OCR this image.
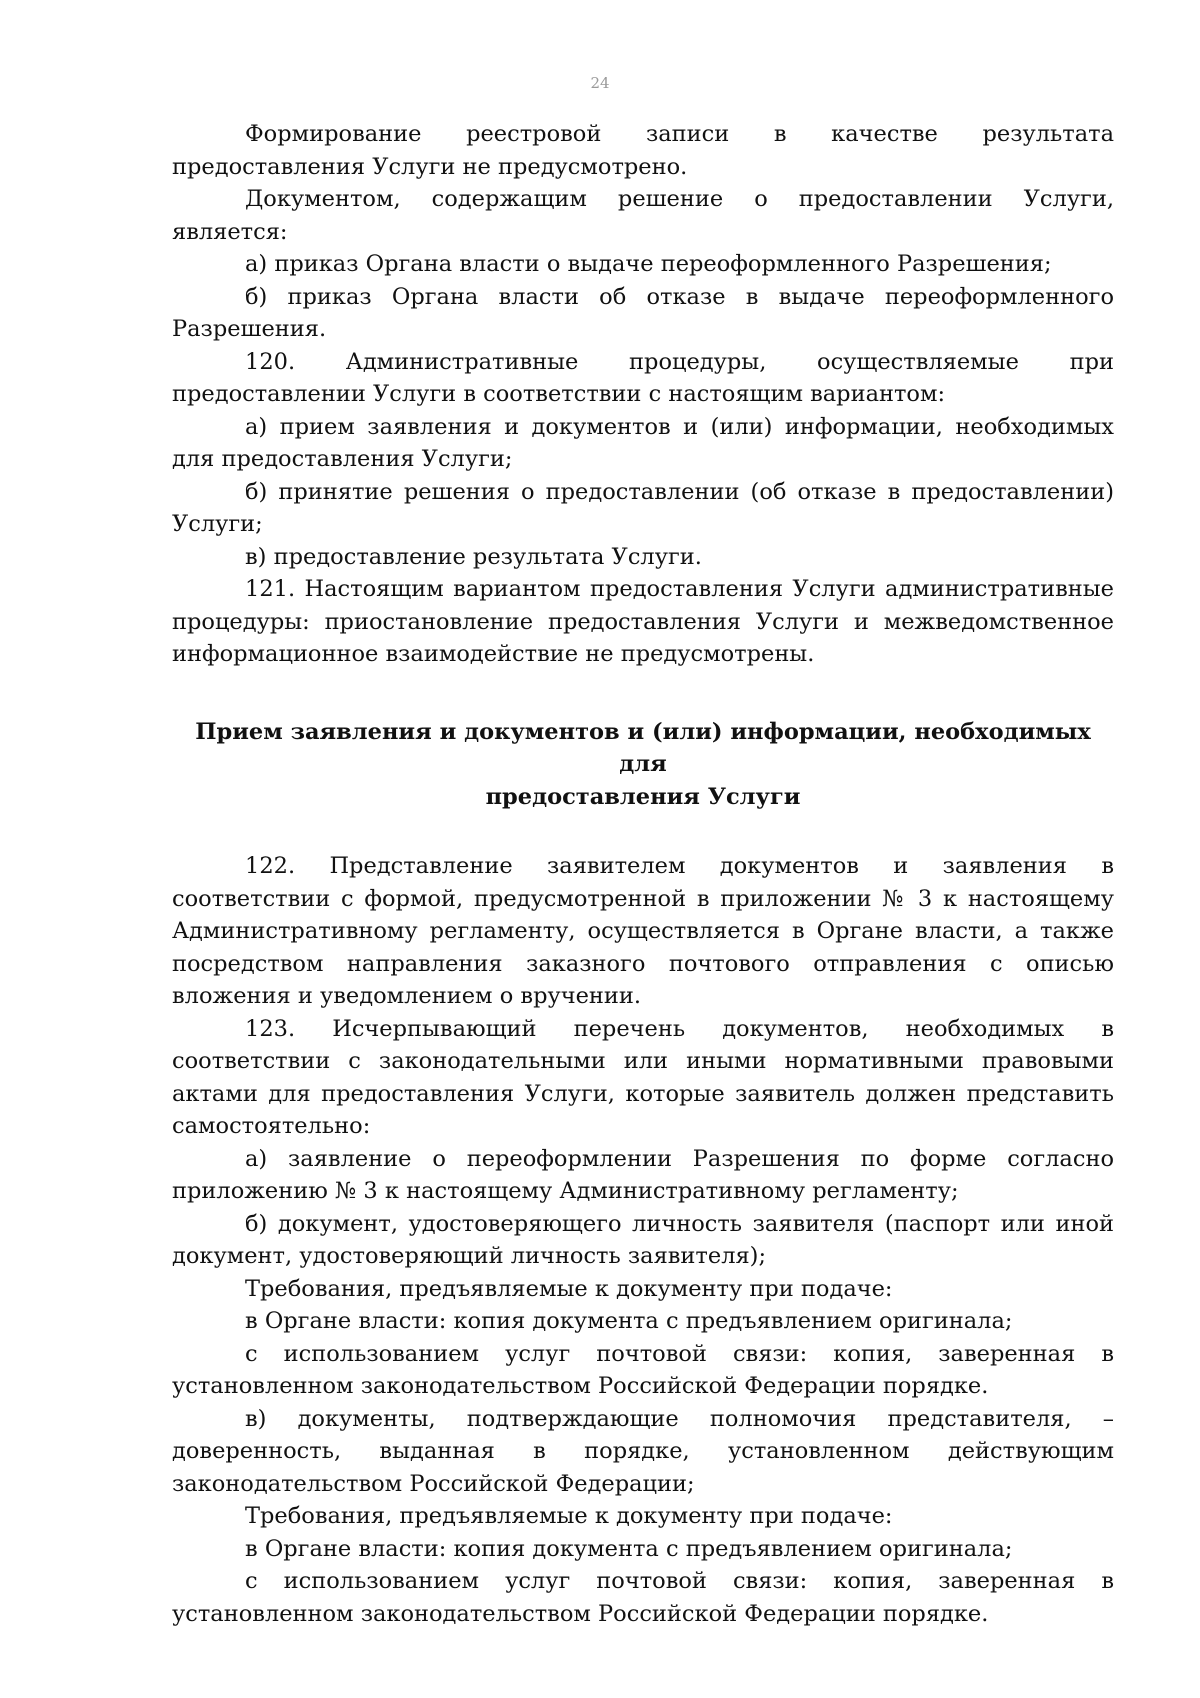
24

Формирование реестровой записи в качестве результата предоставления Услуги не предусмотрено.

Документом, содержащим решение о предоставлении Услуги, является:

а) приказ Органа власти о выдаче переоформленного Разрешения;

б) приказ Органа власти об отказе в выдаче переоформленного Разрешения.

120. Административные процедуры, осуществляемые при предоставлении Услуги в соответствии с настоящим вариантом:

а) прием заявления и документов и (или) информации, необходимых для предоставления Услуги;

б) принятие решения о предоставлении (об отказе в предоставлении) Услуги;

в) предоставление результата Услуги.

121. Настоящим вариантом предоставления Услуги административные процедуры: приостановление предоставления Услуги и межведомственное информационное взаимодействие не предусмотрены.

Прием заявления и документов и (или) информации, необходимых для
предоставления Услуги

122. Представление заявителем документов и заявления в соответствии с формой, предусмотренной в приложении № 3 к настоящему Административному регламенту, осуществляется в Органе власти, а также посредством направления заказного почтового отправления с описью вложения и уведомлением о вручении.

123. Исчерпывающий перечень документов, необходимых в соответствии с законодательными или иными нормативными правовыми актами для предоставления Услуги, которые заявитель должен представить самостоятельно:

а) заявление о переоформлении Разрешения по форме согласно приложению № 3 к настоящему Административному регламенту;

б) документ, удостоверяющего личность заявителя (паспорт или иной документ, удостоверяющий личность заявителя);

Требования, предъявляемые к документу при подаче:

в Органе власти: копия документа с предъявлением оригинала;

с использованием услуг почтовой связи: копия, заверенная в установленном законодательством Российской Федерации порядке.

в) документы, подтверждающие полномочия представителя, – доверенность, выданная в порядке, установленном действующим законодательством Российской Федерации;

Требования, предъявляемые к документу при подаче:

в Органе власти: копия документа с предъявлением оригинала;

с использованием услуг почтовой связи: копия, заверенная в установленном законодательством Российской Федерации порядке.
